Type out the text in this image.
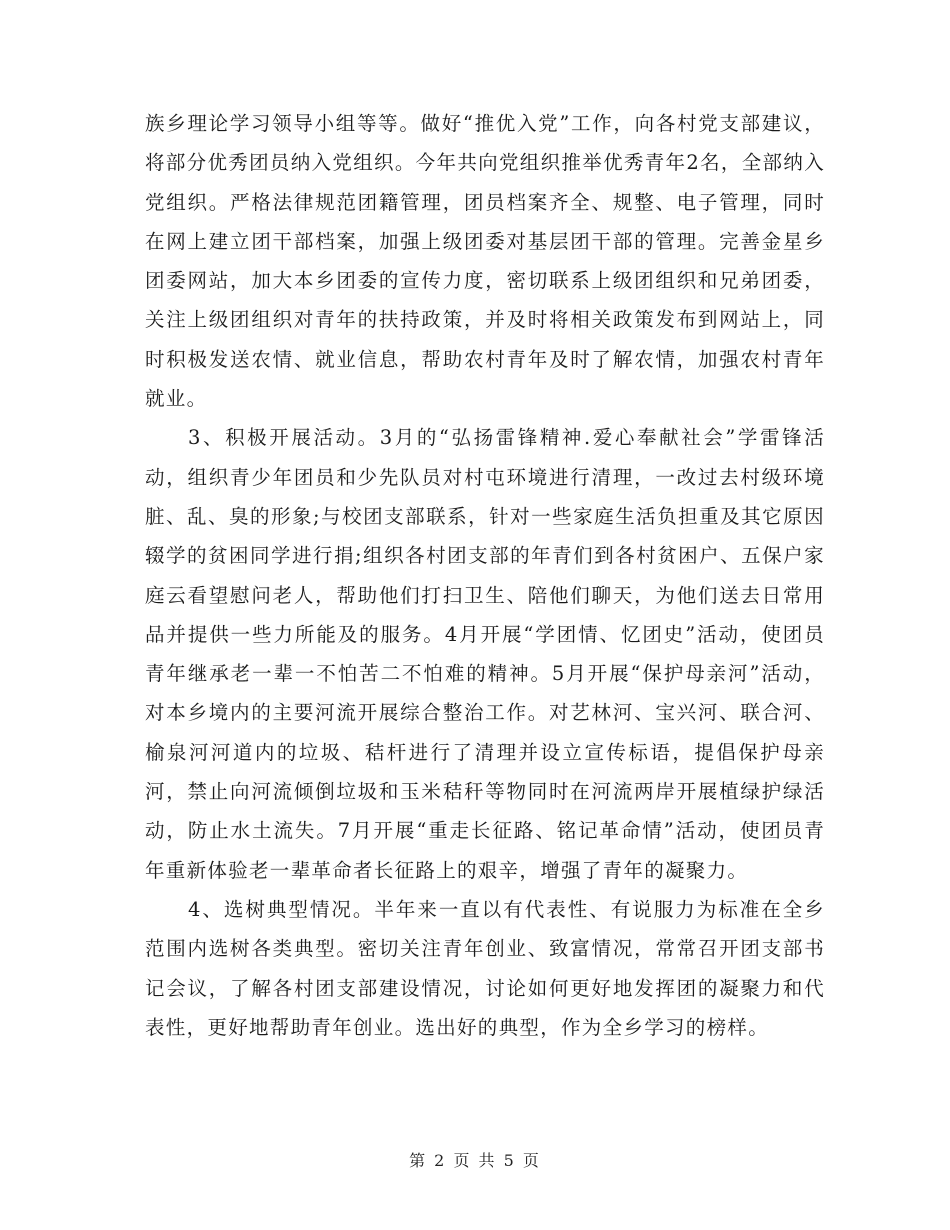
族乡理论学习领导小组等等。做好“推优入党”工作，向各村党支部建议，将部分优秀团员纳入党组织。今年共向党组织推举优秀青年2名，全部纳入党组织。严格法律规范团籍管理，团员档案齐全、规整、电子管理，同时在网上建立团干部档案，加强上级团委对基层团干部的管理。完善金星乡团委网站，加大本乡团委的宣传力度，密切联系上级团组织和兄弟团委，关注上级团组织对青年的扶持政策，并及时将相关政策发布到网站上，同时积极发送农情、就业信息，帮助农村青年及时了解农情，加强农村青年就业。

3、积极开展活动。3月的“弘扬雷锋精神.爱心奉献社会”学雷锋活动，组织青少年团员和少先队员对村屯环境进行清理，一改过去村级环境脏、乱、臭的形象;与校团支部联系，针对一些家庭生活负担重及其它原因辍学的贫困同学进行捐;组织各村团支部的年青们到各村贫困户、五保户家庭云看望慰问老人，帮助他们打扫卫生、陪他们聊天，为他们送去日常用品并提供一些力所能及的服务。4月开展“学团情、忆团史”活动，使团员青年继承老一辈一不怕苦二不怕难的精神。5月开展“保护母亲河”活动，对本乡境内的主要河流开展综合整治工作。对艺林河、宝兴河、联合河、榆泉河河道内的垃圾、秸杆进行了清理并设立宣传标语，提倡保护母亲河，禁止向河流倾倒垃圾和玉米秸秆等物同时在河流两岸开展植绿护绿活动，防止水土流失。7月开展“重走长征路、铭记革命情”活动，使团员青年重新体验老一辈革命者长征路上的艰辛，增强了青年的凝聚力。

4、选树典型情况。半年来一直以有代表性、有说服力为标准在全乡范围内选树各类典型。密切关注青年创业、致富情况，常常召开团支部书记会议，了解各村团支部建设情况，讨论如何更好地发挥团的凝聚力和代表性，更好地帮助青年创业。选出好的典型，作为全乡学习的榜样。

第 2 页 共 5 页
